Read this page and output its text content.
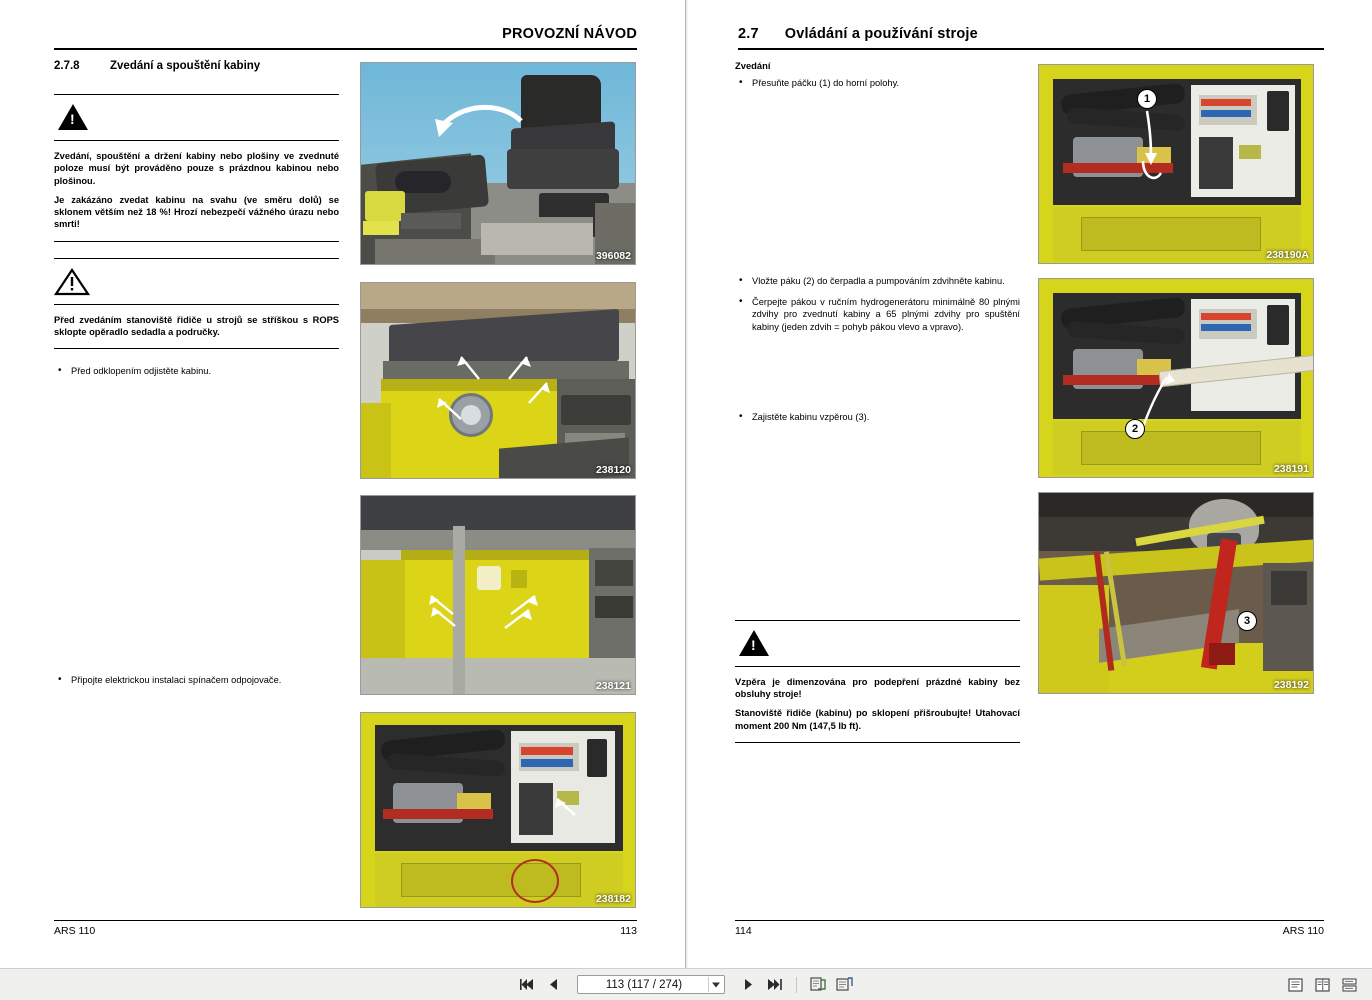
PROVOZNÍ NÁVOD
2.7.8	Zvedání a spouštění kabiny
!

Zvedání, spouštění a držení kabiny nebo plošiny ve zvednuté poloze musí být prováděno pouze s prázdnou kabinou nebo plošinou.

Je zakázáno zvedat kabinu na svahu (ve směru dolů) se sklonem větším než 18 %! Hrozí nebezpečí vážného úrazu nebo smrti!

Před zvedáním stanoviště řidiče u strojů se stříškou s ROPS sklopte opěradlo sedadla a područky.

• Před odklopením odjistěte kabinu.
• Připojte elektrickou instalaci spínačem odpojovače.
396082
238120
238121
238182
ARS 110	113
2.7 Ovládání a používání stroje
Zvedání
• Přesuňte páčku (1) do horní polohy.
• Vložte páku (2) do čerpadla a pumpováním zdvihněte kabinu.
• Čerpejte pákou v ručním hydrogenerátoru minimálně 80 plnými zdvihy pro zvednutí kabiny a 65 plnými zdvihy pro spuštění kabiny (jeden zdvih = pohyb pákou vlevo a vpravo).
• Zajistěte kabinu vzpěrou (3).
!

Vzpěra je dimenzována pro podepření prázdné kabiny bez obsluhy stroje!

Stanoviště řidiče (kabinu) po sklopení přišroubujte! Utahovací moment 200 Nm (147,5 lb ft).

1
238190A
2
238191
3
238192
114	ARS 110
113 (117 / 274)
